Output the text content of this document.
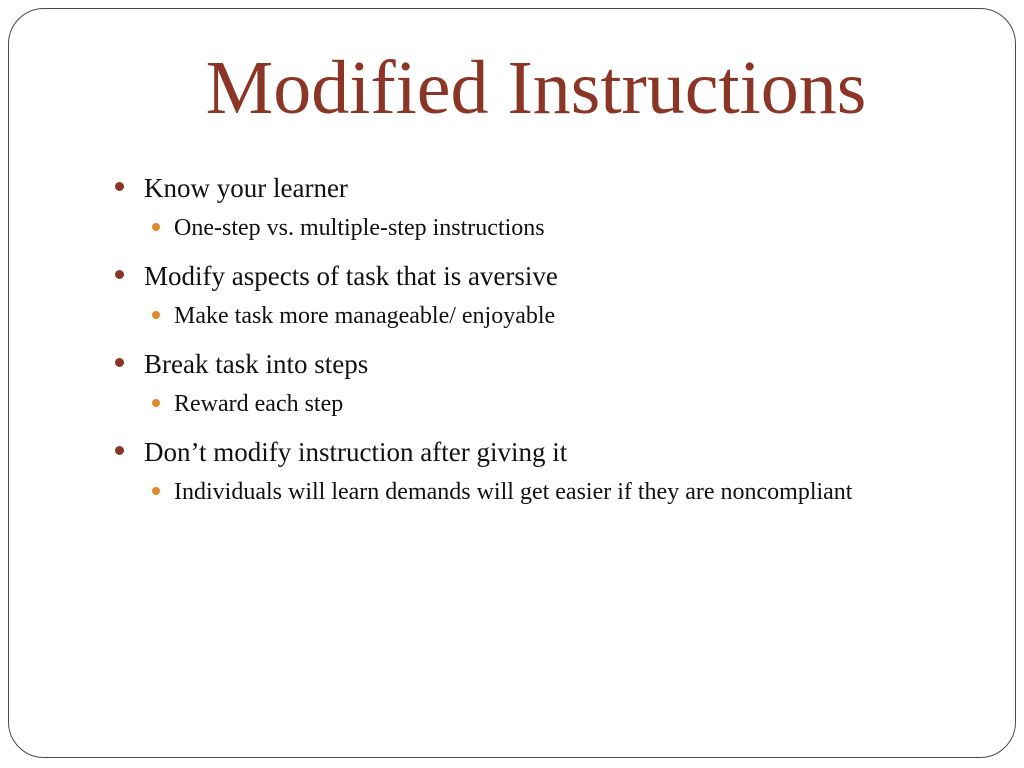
Modified Instructions
Know your learner
One-step vs. multiple-step instructions
Modify aspects of task that is aversive
Make task more manageable/ enjoyable
Break task into steps
Reward each step
Don’t modify instruction after giving it
Individuals will learn demands will get easier if they are noncompliant
